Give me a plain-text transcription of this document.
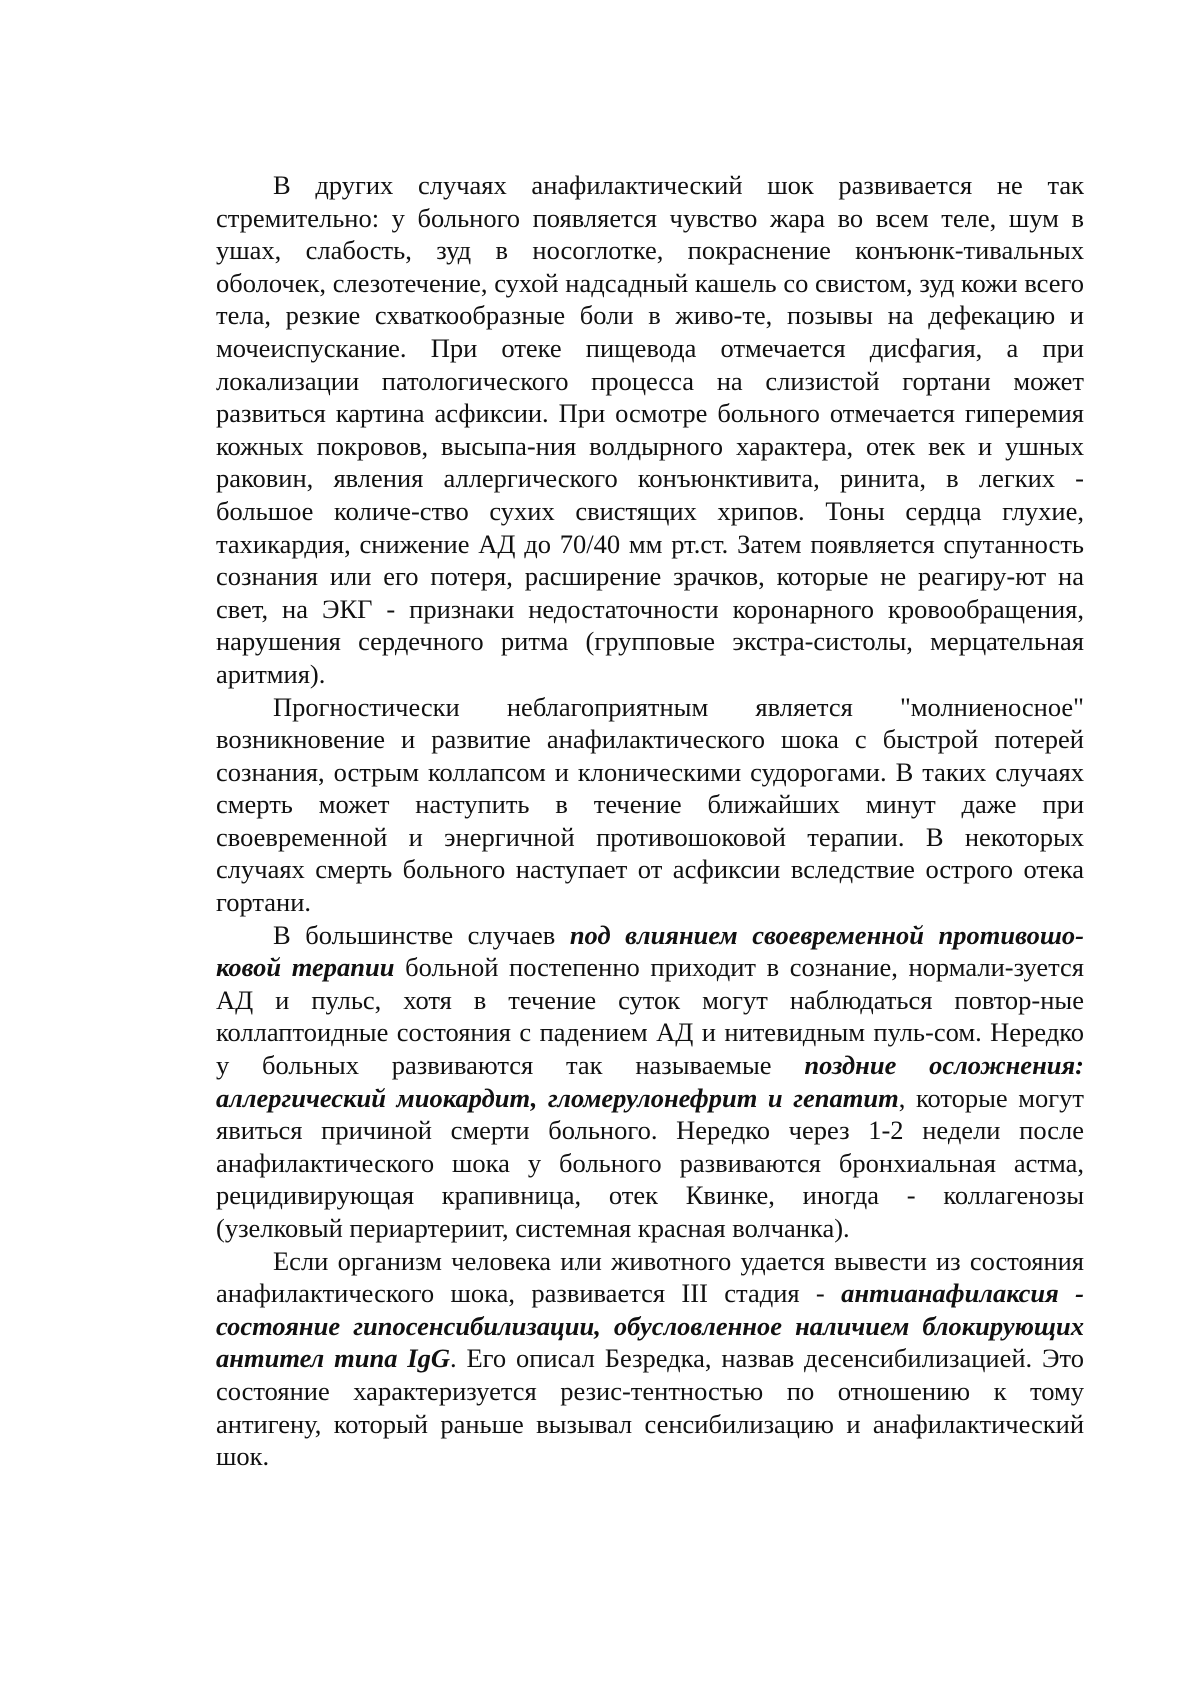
В других случаях анафилактический шок развивается не так стремительно: у больного появляется чувство жара во всем теле, шум в ушах, слабость, зуд в носоглотке, покраснение конъюнк-тивальных оболочек, слезотечение, сухой надсадный кашель со свистом, зуд кожи всего тела, резкие схваткообразные боли в живо-те, позывы на дефекацию и мочеиспускание. При отеке пищевода отмечается дисфагия, а при локализации патологического процесса на слизистой гортани может развиться картина асфиксии. При осмотре больного отмечается гиперемия кожных покровов, высыпа-ния волдырного характера, отек век и ушных раковин, явления аллергического конъюнктивита, ринита, в легких - большое количе-ство сухих свистящих хрипов. Тоны сердца глухие, тахикардия, снижение АД до 70/40 мм рт.ст. Затем появляется спутанность сознания или его потеря, расширение зрачков, которые не реагиру-ют на свет, на ЭКГ - признаки недостаточности коронарного кровообращения, нарушения сердечного ритма (групповые экстра-систолы, мерцательная аритмия).

Прогностически неблагоприятным является "молниеносное" возникновение и развитие анафилактического шока с быстрой потерей сознания, острым коллапсом и клоническими судорогами. В таких случаях смерть может наступить в течение ближайших минут даже при своевременной и энергичной противошоковой терапии. В некоторых случаях смерть больного наступает от асфиксии вследствие острого отека гортани.

В большинстве случаев под влиянием своевременной противошо-ковой терапии больной постепенно приходит в сознание, нормали-зуется АД и пульс, хотя в течение суток могут наблюдаться повтор-ные коллаптоидные состояния с падением АД и нитевидным пуль-сом. Нередко у больных развиваются так называемые поздние осложнения: аллергический миокардит, гломерулонефрит и гепатит, которые могут явиться причиной смерти больного. Нередко через 1-2 недели после анафилактического шока у больного развиваются бронхиальная астма, рецидивирующая крапивница, отек Квинке, иногда - коллагенозы (узелковый периартериит, системная красная волчанка).

Если организм человека или животного удается вывести из состояния анафилактического шока, развивается III стадия - антианафилаксия - состояние гипосенсибилизации, обусловленное наличием блокирующих антител типа IgG. Его описал Безредка, назвав десенсибилизацией. Это состояние характеризуется резис-тентностью по отношению к тому антигену, который раньше вызывал сенсибилизацию и анафилактический шок.
